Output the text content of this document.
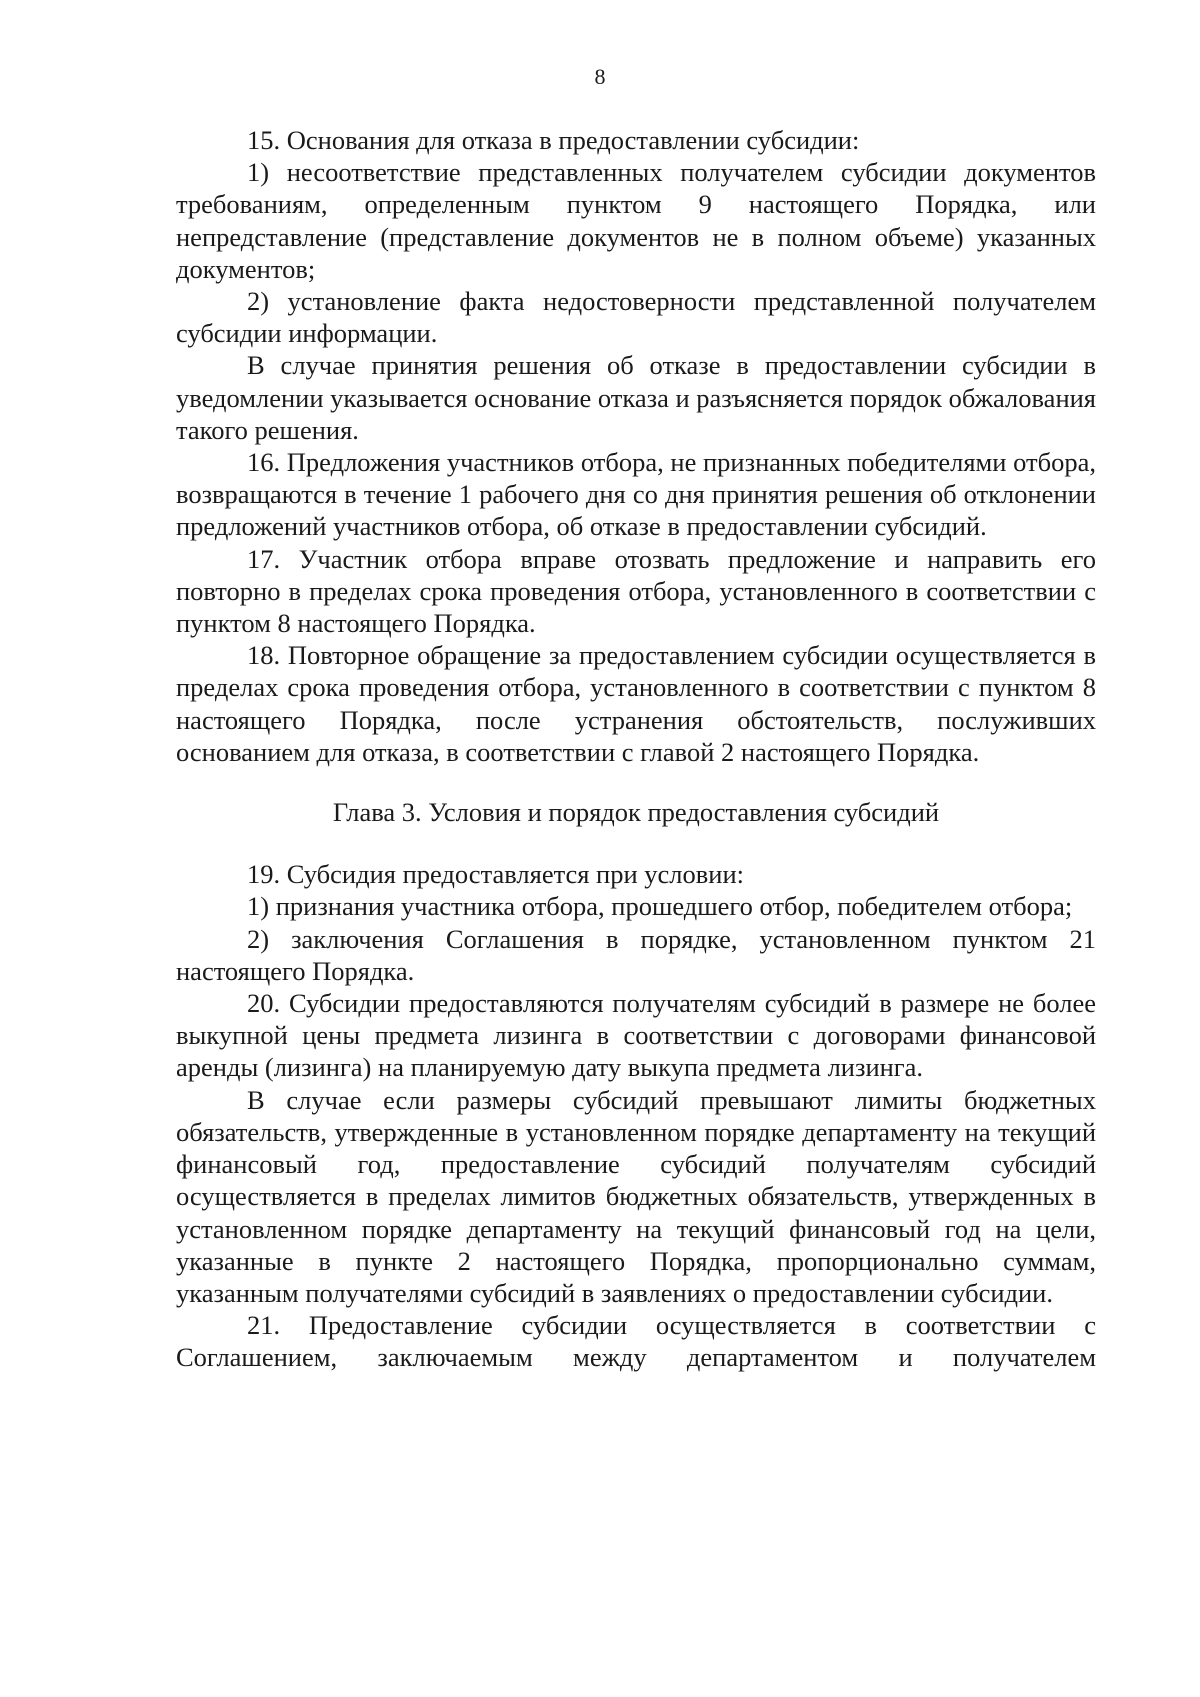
8

15. Основания для отказа в предоставлении субсидии:

1) несоответствие представленных получателем субсидии документов требованиям, определенным пунктом 9 настоящего Порядка, или непредставление (представление документов не в полном объеме) указанных документов;

2) установление факта недостоверности представленной получателем субсидии информации.

В случае принятия решения об отказе в предоставлении субсидии в уведомлении указывается основание отказа и разъясняется порядок обжалования такого решения.

16. Предложения участников отбора, не признанных победителями отбора, возвращаются в течение 1 рабочего дня со дня принятия решения об отклонении предложений участников отбора, об отказе в предоставлении субсидий.

17. Участник отбора вправе отозвать предложение и направить его повторно в пределах срока проведения отбора, установленного в соответствии с пунктом 8 настоящего Порядка.

18. Повторное обращение за предоставлением субсидии осуществляется в пределах срока проведения отбора, установленного в соответствии с пунктом 8 настоящего Порядка, после устранения обстоятельств, послуживших основанием для отказа, в соответствии с главой 2 настоящего Порядка.

Глава 3. Условия и порядок предоставления субсидий

19. Субсидия предоставляется при условии:

1) признания участника отбора, прошедшего отбор, победителем отбора;

2) заключения Соглашения в порядке, установленном пунктом 21 настоящего Порядка.

20. Субсидии предоставляются получателям субсидий в размере не более выкупной цены предмета лизинга в соответствии с договорами финансовой аренды (лизинга) на планируемую дату выкупа предмета лизинга.

В случае если размеры субсидий превышают лимиты бюджетных обязательств, утвержденные в установленном порядке департаменту на текущий финансовый год, предоставление субсидий получателям субсидий осуществляется в пределах лимитов бюджетных обязательств, утвержденных в установленном порядке департаменту на текущий финансовый год на цели, указанные в пункте 2 настоящего Порядка, пропорционально суммам, указанным получателями субсидий в заявлениях о предоставлении субсидии.

21. Предоставление субсидии осуществляется в соответствии с Соглашением, заключаемым между департаментом и получателем
